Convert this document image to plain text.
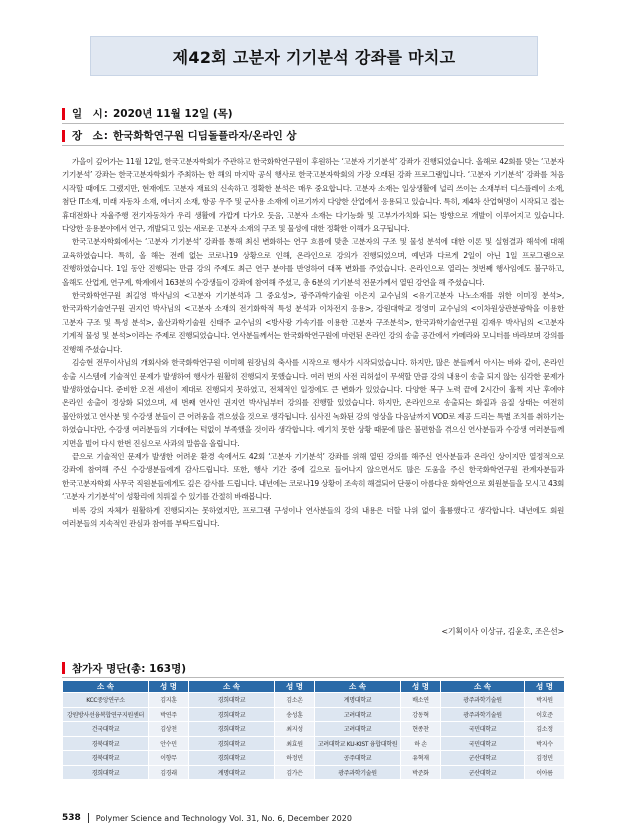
제42회 고분자 기기분석 강좌를 마치고
일　시 : 2020년 11월 12일 (목)
장　소 : 한국화학연구원 디딤돌플라자/온라인 상

가을이 깊어가는 11월 12일, 한국고분자학회가 주관하고 한국화학연구원이 후원하는 ‘고분자 기기분석’ 강좌가 진행되었습니다. 올해로 42회를 맞는 ‘고분자 기기분석’ 강좌는 한국고분자학회가 주최하는 한 해의 마지막 공식 행사로 한국고분자학회의 가장 오래된 강좌 프로그램입니다. ‘고분자 기기분석’ 강좌를 처음 시작할 때에도 그랬지만, 현재에도 고분자 재료의 신속하고 정확한 분석은 매우 중요합니다. 고분자 소재는 일상생활에 널리 쓰이는 소재부터 디스플레이 소재, 첨단 IT소재, 미래 자동차 소재, 에너지 소재, 항공 우주 및 군사용 소재에 이르기까지 다양한 산업에서 응용되고 있습니다. 특히, 제4차 산업혁명이 시작되고 접는 휴대전화나 자율주행 전기자동차가 우리 생활에 가깝게 다가오 듯음, 고분자 소재는 다기능화 및 고부가가치화 되는 방향으로 개발이 이루어지고 있습니다. 다양한 응용분야에서 연구, 개발되고 있는 새로운 고분자 소재의 구조 및 물성에 대한 정확한 이해가 요구됩니다.

한국고분자학회에서는 ‘고분자 기기분석’ 강좌를 통해 최신 변화하는 연구 흐름에 맞춘 고분자의 구조 및 물성 분석에 대한 이론 및 실험결과 해석에 대해 교육하였습니다. 특히, 올 해는 전례 없는 코로나19 상황으로 인해, 온라인으로 강의가 진행되었으며, 예년과 다르게 2일이 아닌 1일 프로그램으로 진행하였습니다. 1일 동안 진행되는 만큼 강의 주제도 최근 연구 분야를 반영하여 대폭 변화를 주었습니다. 온라인으로 열리는 첫번째 행사임에도 불구하고, 올해도 산업계, 연구계, 학계에서 163분의 수강생들이 강좌에 참여해 주셨고, 총 6분의 기기분석 전문가께서 열띤 강연을 해 주셨습니다.

한국화학연구원 최길영 박사님의 <고분자 기기분석과 그 중요성>, 광주과학기술원 이은지 교수님의 <유기고분자 나노소재를 위한 이미징 분석>, 한국과학기술연구원 권지언 박사님의 <고분자 소재의 전기화학적 특성 분석과 이차전지 응용>, 강원대학교 정영미 교수님의 <이차원상관분광학을 이용한 고분자 구조 및 특성 분석>, 울산과학기술원 신태주 교수님의 <방사광 가속기를 이용한 고분자 구조분석>, 한국과학기술연구원 김재우 박사님의 <고분자 기계적 물성 및 분석>이라는 주제로 진행되었습니다. 연사분들께서는 한국화학연구원에 마련된 온라인 강의 송출 공간에서 카메라와 모니터를 바라보며 강의를 진행해 주셨습니다.

김승현 전무이사님의 개회사와 한국화학연구원 이미혜 원장님의 축사를 시작으로 행사가 시작되었습니다. 하지만, 많은 분들께서 아시는 바와 같이, 온라인 송출 시스템에 기술적인 문제가 발생하여 행사가 원활히 진행되지 못했습니다. 여러 번의 사전 리허설이 무색할 만큼 강의 내용이 송출 되지 않는 심각한 문제가 발생하였습니다. 준비한 오전 세션이 제대로 진행되지 못하였고, 전체적인 일정에도 큰 변화가 있었습니다. 다양한 복구 노력 끝에 2시간이 훌쩍 지난 후에야 온라인 송출이 정상화 되었으며, 세 번째 연사인 권지언 박사님부터 강의를 진행할 있었습니다. 하지만, 온라인으로 송출되는 화질과 음질 상태는 여전히 불안하였고 연사분 및 수강생 분들이 큰 어려움을 겪으셨을 것으로 생각됩니다. 심사진 녹화된 강의 영상을 다음날까지 VOD로 제공 드리는 특별 조치를 취하기는 하였습니다만, 수강생 여러분들의 기대에는 턱없이 부족했을 것이라 생각합니다. 예기치 못한 상황 때문에 많은 불편함을 겪으신 연사분들과 수강생 여러분들께 지면을 빌어 다시 한번 진심으로 사과의 말씀을 올립니다.

끝으로 기술적인 문제가 발생한 어려운 환경 속에서도 42회 ‘고분자 기기분석’ 강좌를 위해 열띤 강의를 해주신 연사분들과 온라인 상이지만 열정적으로 강좌에 참여해 주신 수강생분들에게 감사드립니다. 또한, 행사 기간 중에 길으로 들어나지 않으면서도 많은 도움을 주신 한국화학연구원 관계자분들과 한국고분자학회 사무국 직원분들에게도 깊은 감사를 드립니다. 내년에는 코로나19 상황이 조속히 해결되어 단풍이 아름다운 화학연으로 회원분들을 모시고 43회 ‘고분자 기기분석’이 성황리에 치뤄질 수 있기를 간절히 바래봅니다.

비록 강의 자체가 원활하게 진행되지는 못하였지만, 프로그램 구성이나 연사분들의 강의 내용은 더할 나위 없이 훌륭했다고 생각합니다. 내년에도 회원 여러분들의 지속적인 관심과 참여를 부탁드립니다.

<기획이사 이상규, 김윤호, 조은선>

참가자 명단(총: 163명)
소 속	성 명	소 속	성 명	소 속	성 명	소 속	성 명
KCC중앙연구소	김지훈	경희대학교	김소온	계명대학교	배소연	광주과학기술원	박지원
강원방사선융복합연구지원센터	박연주	경희대학교	송성훈	고려대학교	강동혁	광주과학기술원	이호준
건국대학교	김상천	경희대학교	최지성	고려대학교	현종찬	국민대학교	김소정
경북대학교	안수민	경희대학교	최효원	고려대학교 KU-KIST 융합대학원	하 손	국민대학교	박지수
경북대학교	이향무	경희대학교	하정민	공주대학교	유혁재	군산대학교	김정민
경희대학교	김경래	계명대학교	김가은	광주과학기술원	박준화	군산대학교	이아름
538 Polymer Science and Technology Vol. 31, No. 6, December 2020
